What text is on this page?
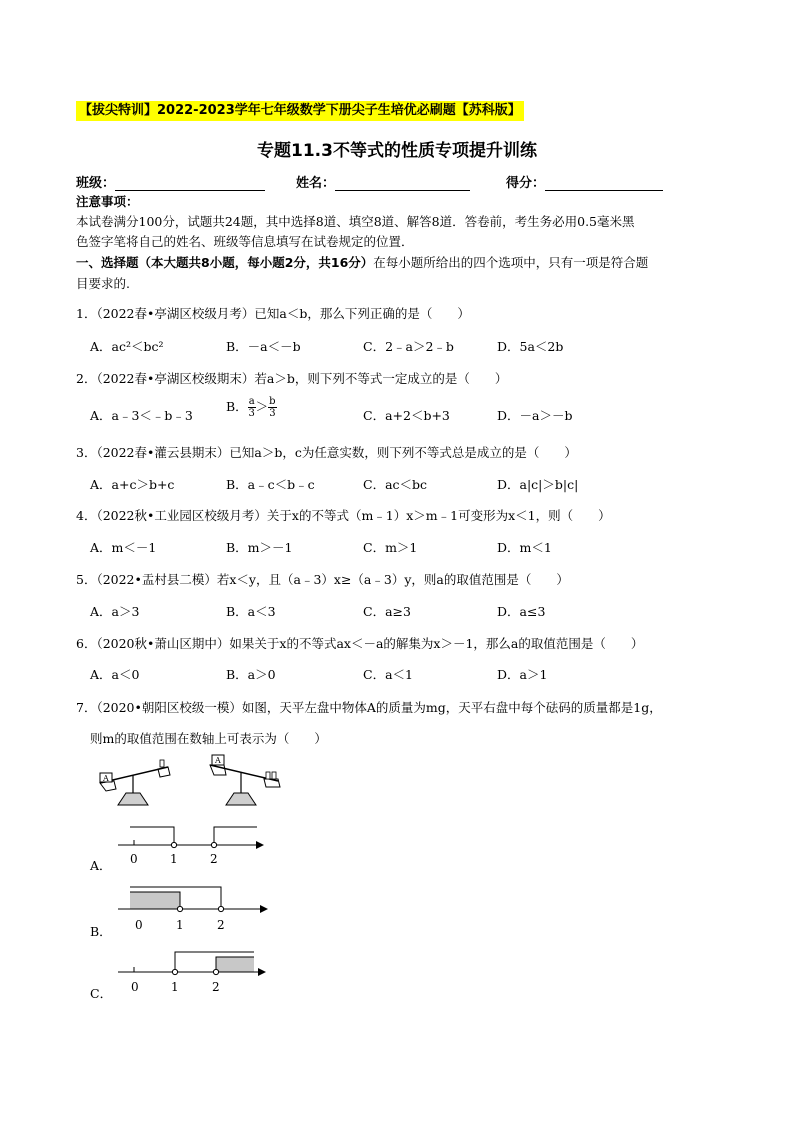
【拔尖特训】2022-2023学年七年级数学下册尖子生培优必刷题【苏科版】
专题11.3不等式的性质专项提升训练
班级：	姓名：	得分：
注意事项：
本试卷满分100分，试题共24题，其中选择8道、填空8道、解答8道．答卷前，考生务必用0.5毫米黑
色签字笔将自己的姓名、班级等信息填写在试卷规定的位置．
一、选择题（本大题共8小题，每小题2分，共16分）在每小题所给出的四个选项中，只有一项是符合题
目要求的.
1．（2022春•亭湖区校级月考）已知a＜b，那么下列正确的是（　　）
A．ac²＜bc²	B．－a＜－b	C．2﹣a＞2﹣b	D．5a＜2b
2．（2022春•亭湖区校级期末）若a＞b，则下列不等式一定成立的是（　　）
A．a﹣3＜﹣b﹣3
B． $\frac{a}{3} > \frac{b}{3}$	C．a+2＜b+3	D．－a＞－b
3．（2022春•灌云县期末）已知a＞b，c为任意实数，则下列不等式总是成立的是（　　）
A．a+c＞b+c	B．a﹣c＜b﹣c	C．ac＜bc	D．a|c|＞b|c|
4．（2022秋•工业园区校级月考）关于x的不等式（m﹣1）x＞m﹣1可变形为x＜1，则（　　）
A．m＜－1	B．m＞－1	C．m＞1	D．m＜1
5．（2022•盂村县二模）若x＜y，且（a﹣3）x≥（a﹣3）y，则a的取值范围是（　　）
A．a＞3	B．a＜3	C．a≥3	D．a≤3
6．（2020秋•萧山区期中）如果关于x的不等式ax＜－a的解集为x＞－1，那么a的取值范围是（　　）
A．a＜0	B．a＞0	C．a＜1	D．a＞1
7．（2020•朝阳区校级一模）如图，天平左盘中物体A的质量为mg，天平右盘中每个砝码的质量都是1g，
则m的取值范围在数轴上可表示为（　　）
A
A
A． 0	1	2
B． 0	1	2
C． 0	1	2
